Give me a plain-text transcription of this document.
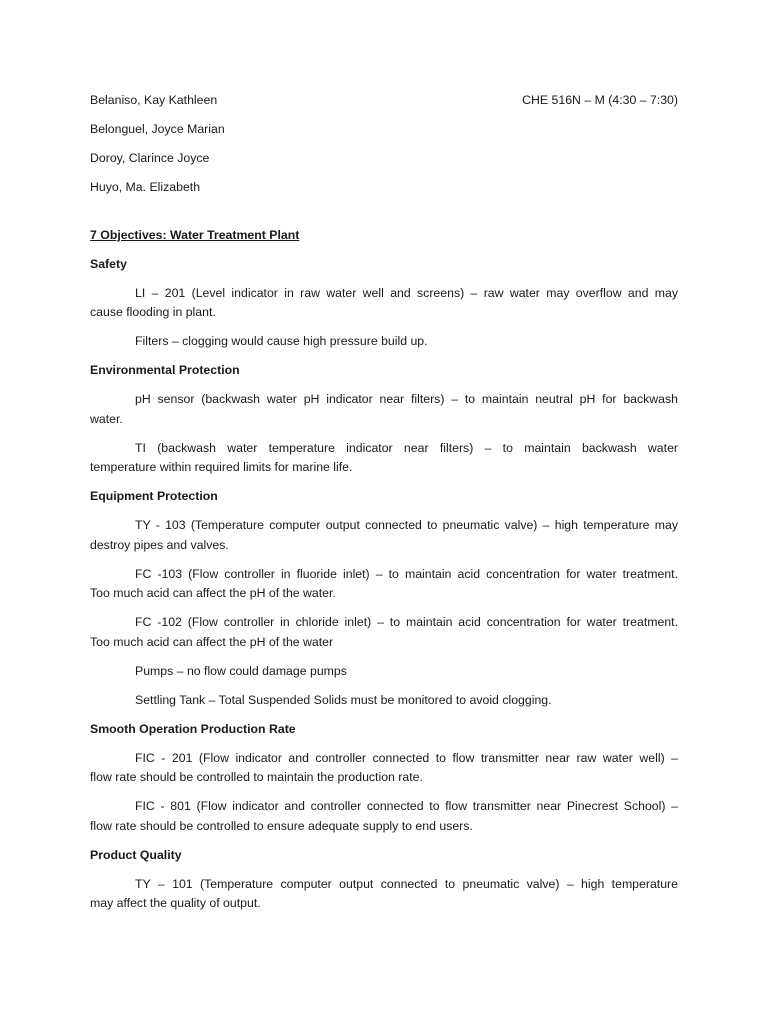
Belaniso, Kay Kathleen	CHE 516N – M (4:30 – 7:30)
Belonguel, Joyce Marian
Doroy, Clarince Joyce
Huyo, Ma. Elizabeth
7 Objectives: Water Treatment Plant
Safety
LI – 201 (Level indicator in raw water well and screens) – raw water may overflow and may
cause flooding in plant.
Filters – clogging would cause high pressure build up.
Environmental Protection
pH sensor (backwash water pH indicator near filters) – to maintain neutral pH for backwash
water.
TI (backwash water temperature indicator near filters) – to maintain backwash water
temperature within required limits for marine life.
Equipment Protection
TY - 103 (Temperature computer output connected to pneumatic valve) – high temperature may
destroy pipes and valves.
FC -103 (Flow controller in fluoride inlet) – to maintain acid concentration for water treatment.
Too much acid can affect the pH of the water.
FC -102 (Flow controller in chloride inlet) – to maintain acid concentration for water treatment.
Too much acid can affect the pH of the water
Pumps – no flow could damage pumps
Settling Tank – Total Suspended Solids must be monitored to avoid clogging.
Smooth Operation Production Rate
FIC - 201 (Flow indicator and controller connected to flow transmitter near raw water well) –
flow rate should be controlled to maintain the production rate.
FIC - 801 (Flow indicator and controller connected to flow transmitter near Pinecrest School) –
flow rate should be controlled to ensure adequate supply to end users.
Product Quality
TY – 101 (Temperature computer output connected to pneumatic valve) – high temperature
may affect the quality of output.
